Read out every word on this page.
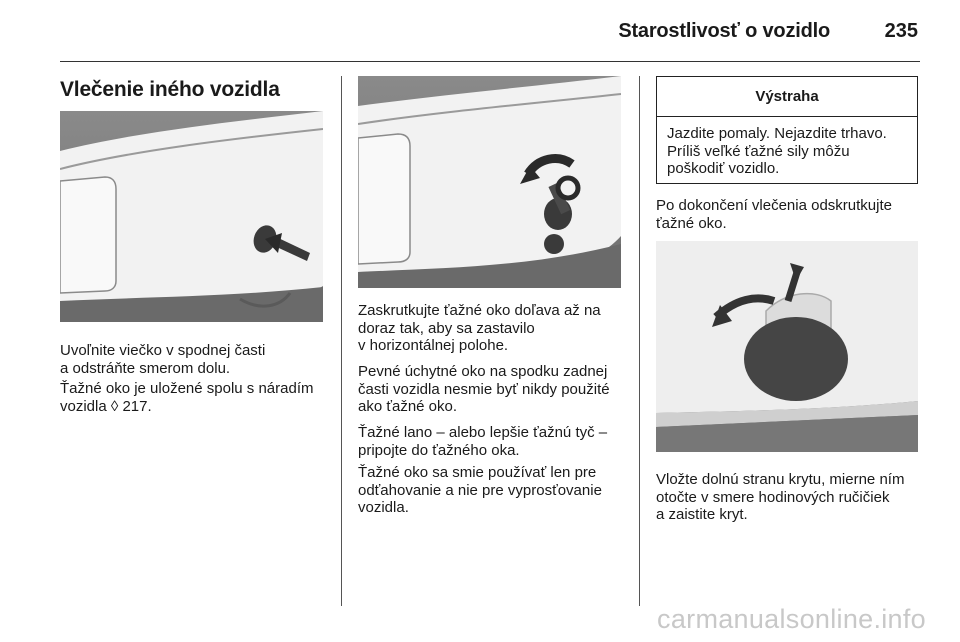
Starostlivosť o vozidlo	235
Vlečenie iného vozidla

Uvoľnite viečko v spodnej časti
a odstráňte smerom dolu.

Ťažné oko je uložené spolu s náradím
vozidla ◊ 217.

Zaskrutkujte ťažné oko doľava až na
doraz tak, aby sa zastavilo
v horizontálnej polohe.

Pevné úchytné oko na spodku zadnej
časti vozidla nesmie byť nikdy použité
ako ťažné oko.

Ťažné lano – alebo lepšie ťažnú tyč –
pripojte do ťažného oka.

Ťažné oko sa smie používať len pre
odťahovanie a nie pre vyprosťovanie
vozidla.

Výstraha
Jazdite pomaly. Nejazdite trhavo.
Príliš veľké ťažné sily môžu
poškodiť vozidlo.

Po dokončení vlečenia odskrutkujte
ťažné oko.

Vložte dolnú stranu krytu, mierne ním
otočte v smere hodinových ručičiek
a zaistite kryt.

carmanualsonline.info
